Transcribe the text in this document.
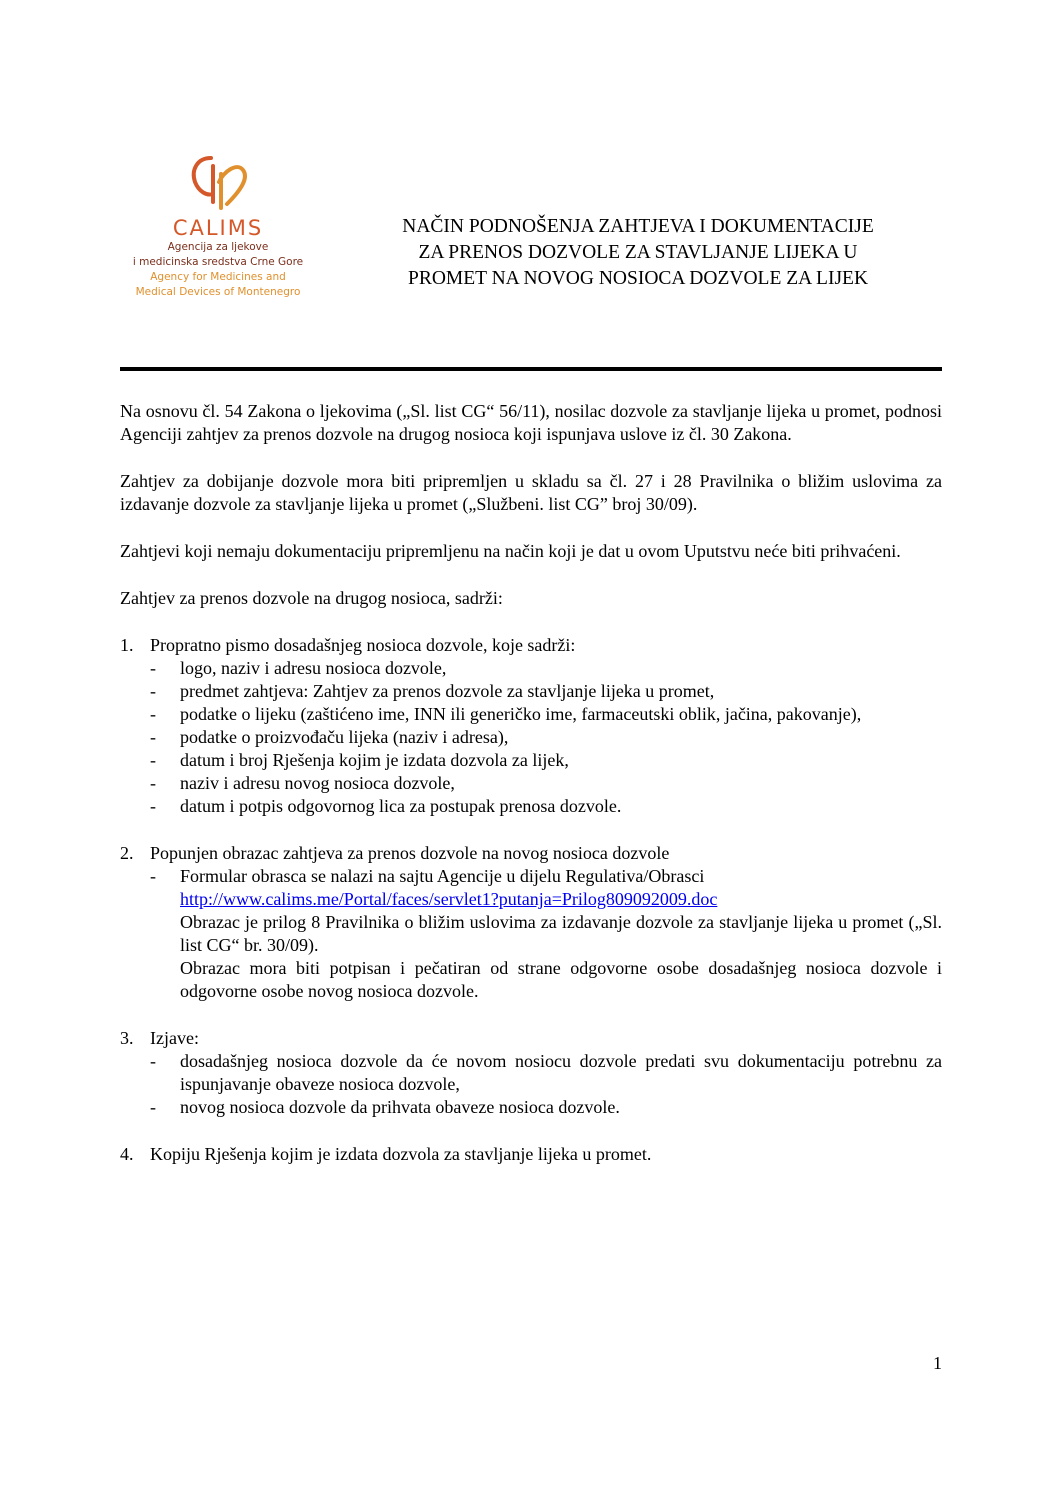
CALIMS
Agencija za ljekove
i medicinska sredstva Crne Gore
Agency for Medicines and
Medical Devices of Montenegro
NAČIN PODNOŠENJA ZAHTJEVA I DOKUMENTACIJE
ZA PRENOS DOZVOLE ZA STAVLJANJE LIJEKA U
PROMET NA NOVOG NOSIOCA DOZVOLE ZA LIJEK

Na osnovu čl. 54 Zakona o ljekovima („Sl. list CG“ 56/11), nosilac dozvole za stavljanje lijeka u promet, podnosi Agenciji zahtjev za prenos dozvole na drugog nosioca koji ispunjava uslove iz čl. 30 Zakona.

Zahtjev za dobijanje dozvole mora biti pripremljen u skladu sa čl. 27 i 28 Pravilnika o bližim uslovima za izdavanje dozvole za stavljanje lijeka u promet („Službeni. list CG” broj 30/09).

Zahtjevi koji nemaju dokumentaciju pripremljenu na način koji je dat u ovom Uputstvu neće biti prihvaćeni.

Zahtjev za prenos dozvole na drugog nosioca, sadrži:

1. Propratno pismo dosadašnjeg nosioca dozvole, koje sadrži:
- logo, naziv i adresu nosioca dozvole,
- predmet zahtjeva: Zahtjev za prenos dozvole za stavljanje lijeka u promet,
- podatke o lijeku (zaštićeno ime, INN ili generičko ime, farmaceutski oblik, jačina, pakovanje),
- podatke o proizvođaču lijeka (naziv i adresa),
- datum i broj Rješenja kojim je izdata dozvola za lijek,
- naziv i adresu novog nosioca dozvole,
- datum i potpis odgovornog lica za postupak prenosa dozvole.
2. Popunjen obrazac zahtjeva za prenos dozvole na novog nosioca dozvole
- Formular obrasca se nalazi na sajtu Agencije u dijelu Regulativa/Obrasci
http://www.calims.me/Portal/faces/servlet1?putanja=Prilog809092009.doc
Obrazac je prilog 8 Pravilnika o bližim uslovima za izdavanje dozvole za stavljanje lijeka u promet („Sl. list CG“ br. 30/09).
Obrazac mora biti potpisan i pečatiran od strane odgovorne osobe dosadašnjeg nosioca dozvole i odgovorne osobe novog nosioca dozvole.
3. Izjave:
- dosadašnjeg nosioca dozvole da će novom nosiocu dozvole predati svu dokumentaciju potrebnu za ispunjavanje obaveze nosioca dozvole,
- novog nosioca dozvole da prihvata obaveze nosioca dozvole.
4. Kopiju Rješenja kojim je izdata dozvola za stavljanje lijeka u promet.
1
